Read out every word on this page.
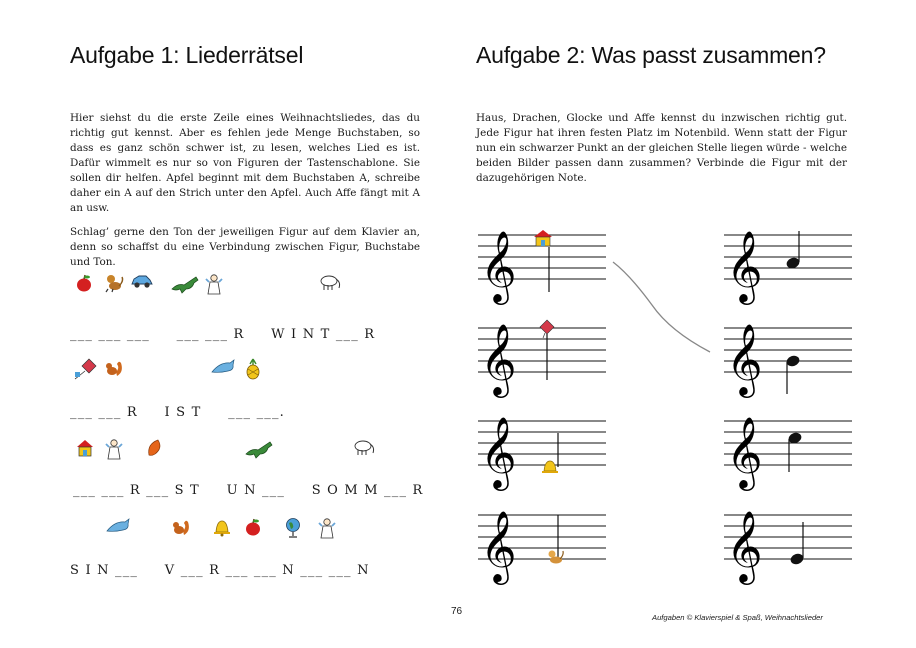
Aufgabe 1: Liederrätsel

Hier siehst du die erste Zeile eines Weihnachtsliedes, das du richtig gut kennst. Aber es fehlen jede Menge Buchstaben, so dass es ganz schön schwer ist, zu lesen, welches Lied es ist. Dafür wimmelt es nur so von Figuren der Tastenschablone. Sie sollen dir helfen. Apfel beginnt mit dem Buchstaben A, schreibe daher ein A auf den Strich unter den Apfel. Auch Affe fängt mit A an usw.

Schlag’ gerne den Ton der jeweiligen Figur auf dem Klavier an, denn so schaffst du eine Verbindung zwischen Figur, Buchstabe und Ton.

___ ___ ___     ___ ___ R     W I N T ___ R
___ ___ R     I S T     ___ ___.
___ ___ R ___ S T     U N ___     S O M M ___ R
S I N ___     V ___ R ___ ___ N ___ ___ N
Aufgabe 2: Was passt zusammen?

Haus, Drachen, Glocke und Affe kennst du inzwischen richtig gut. Jede Figur hat ihren festen Platz im Notenbild. Wenn statt der Figur nun ein schwarzer Punkt an der gleichen Stelle liegen würde - welche beiden Bilder passen dann zusammen? Verbinde die Figur mit der dazugehörigen Note.

𝄞
𝄞
𝄞
𝄞
𝄞
𝄞
𝄞
𝄞
76
Aufgaben © Klavierspiel & Spaß, Weihnachtslieder
